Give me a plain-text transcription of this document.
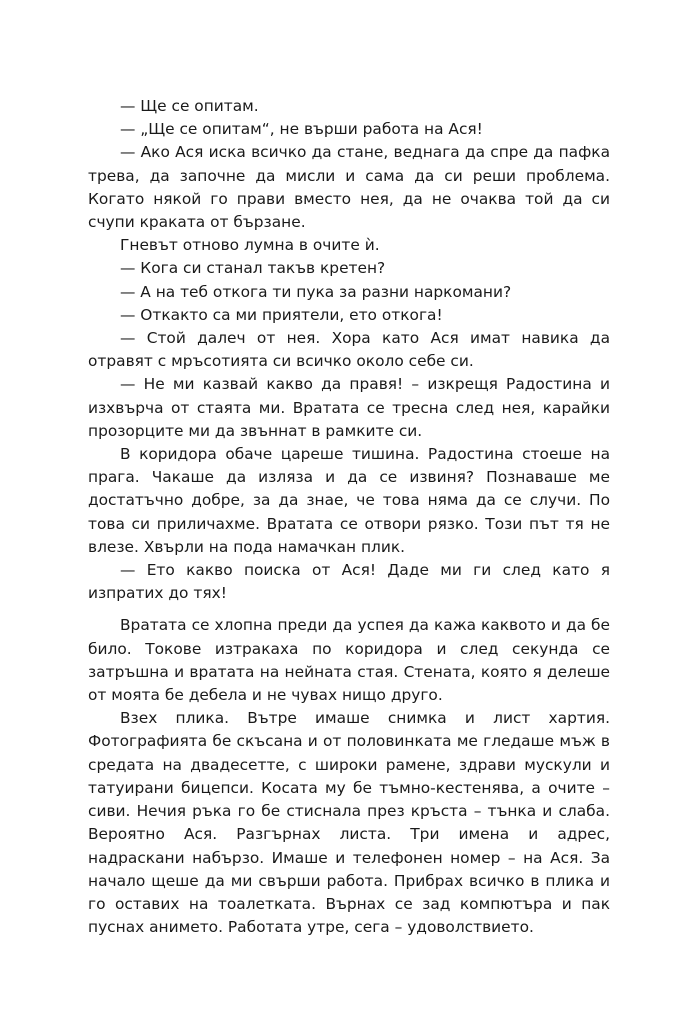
— Ще се опитам.

— „Ще се опитам“, не върши работа на Ася!

— Ако Ася иска всичко да стане, веднага да спре да пафка трева, да започне да мисли и сама да си реши проблема. Когато някой го прави вместо нея, да не очаква той да си счупи краката от бързане.

Гневът отново лумна в очите ѝ.

— Кога си станал такъв кретен?

— А на теб откога ти пука за разни наркомани?

— Откакто са ми приятели, ето откога!

— Стой далеч от нея. Хора като Ася имат навика да отравят с мръсотията си всичко около себе си.

— Не ми казвай какво да правя! – изкрещя Радостина и изхвърча от стаята ми. Вратата се тресна след нея, карайки прозорците ми да звъннат в рамките си.

В коридора обаче цареше тишина. Радостина стоеше на прага. Чакаше да изляза и да се извиня? Познаваше ме достатъчно добре, за да знае, че това няма да се случи. По това си приличахме. Вратата се отвори рязко. Този път тя не влезе. Хвърли на пода намачкан плик.

— Ето какво поиска от Ася! Даде ми ги след като я изпратих до тях!

Вратата се хлопна преди да успея да кажа каквото и да бе било. Токове изтракаха по коридора и след секунда се затръшна и вратата на нейната стая. Стената, която я делеше от моята бе дебела и не чувах нищо друго.

Взех плика. Вътре имаше снимка и лист хартия. Фотографията бе скъсана и от половинката ме гледаше мъж в средата на двадесетте, с широки рамене, здрави мускули и татуирани бицепси. Косата му бе тъмно-кестенява, а очите – сиви. Нечия ръка го бе стиснала през кръста – тънка и слаба. Вероятно Ася. Разгърнах листа. Три имена и адрес, надраскани набързо. Имаше и телефонен номер – на Ася. За начало щеше да ми свърши работа. Прибрах всичко в плика и го оставих на тоалетката. Върнах се зад компютъра и пак пуснах анимето. Работата утре, сега – удоволствието.
